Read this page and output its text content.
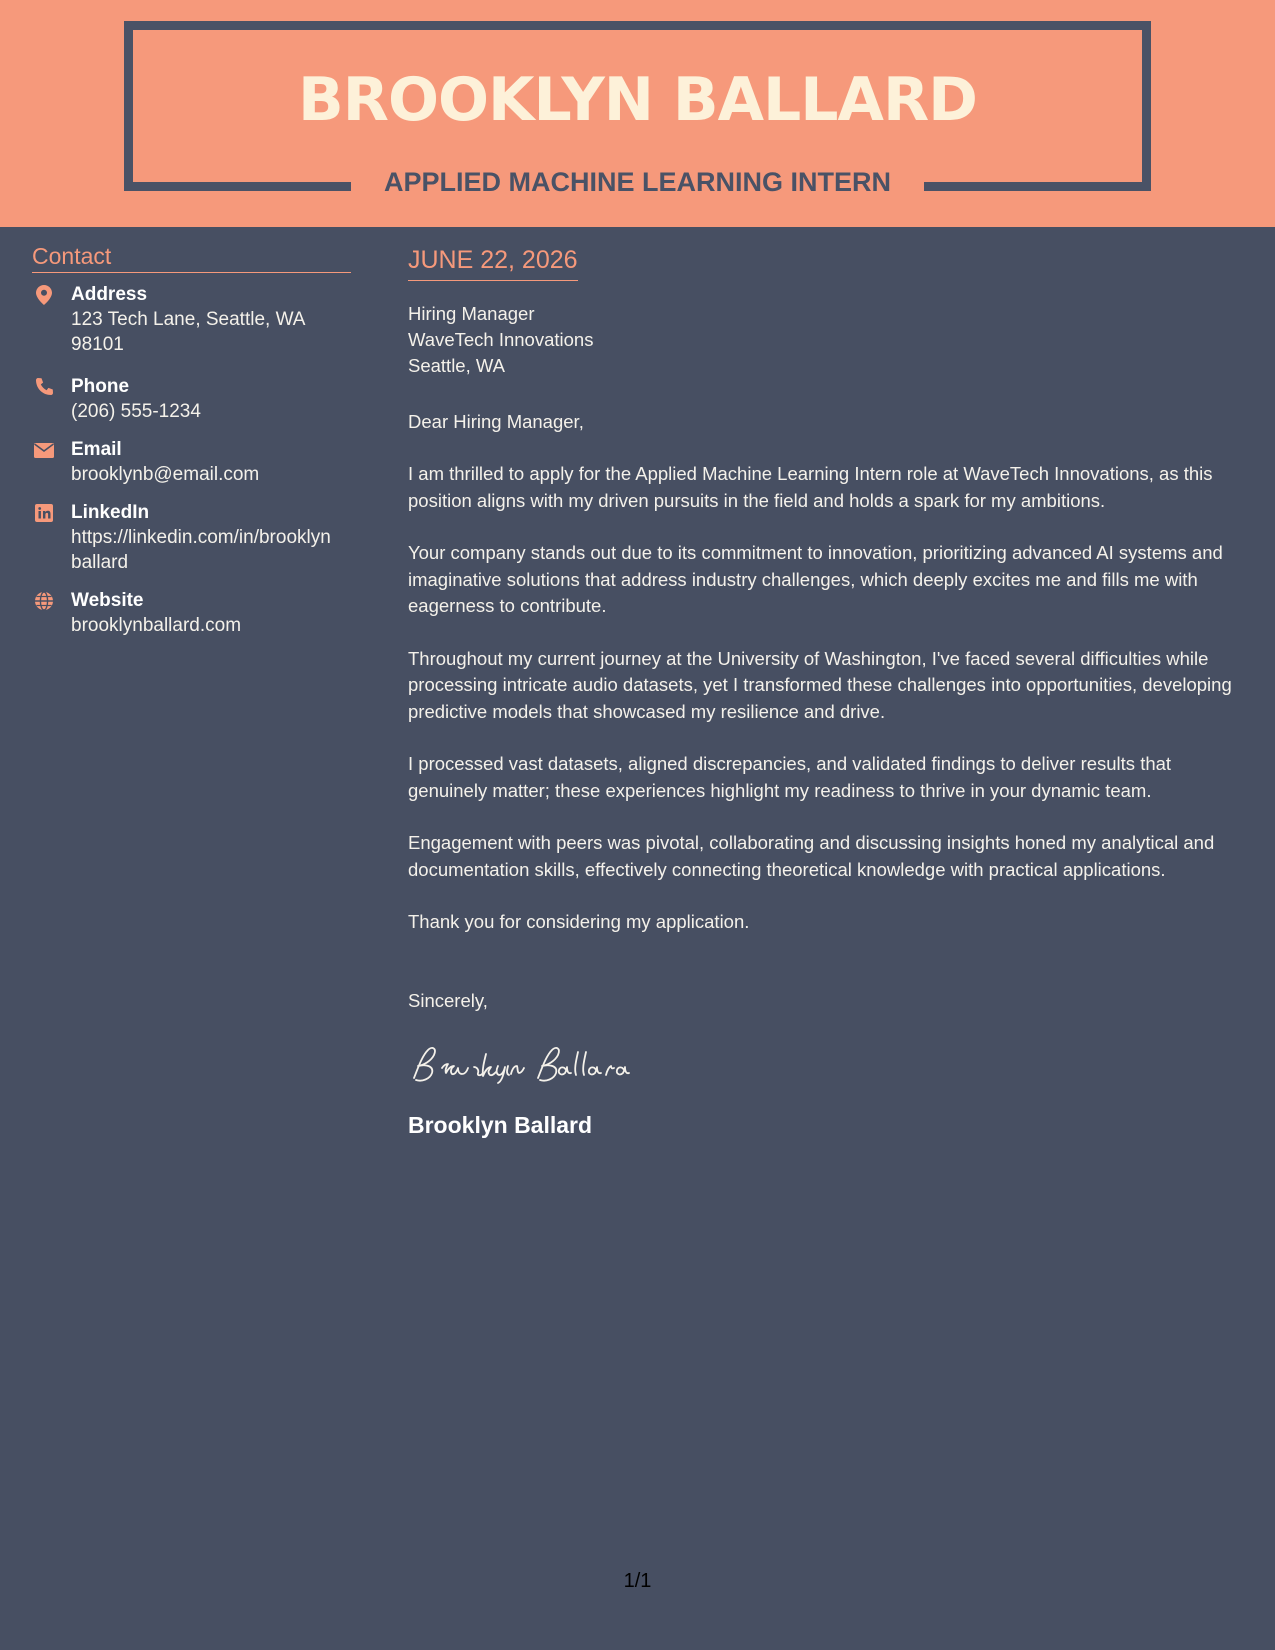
BROOKLYN BALLARD
APPLIED MACHINE LEARNING INTERN
Contact
Address
123 Tech Lane, Seattle, WA 98101
Phone
(206) 555-1234
Email
brooklynb@email.com
LinkedIn
https://linkedin.com/in/brooklyn ballard
Website
brooklynballard.com
JUNE 22, 2026
Hiring Manager
WaveTech Innovations
Seattle, WA
Dear Hiring Manager,
I am thrilled to apply for the Applied Machine Learning Intern role at WaveTech Innovations, as this position aligns with my driven pursuits in the field and holds a spark for my ambitions.
Your company stands out due to its commitment to innovation, prioritizing advanced AI systems and imaginative solutions that address industry challenges, which deeply excites me and fills me with eagerness to contribute.
Throughout my current journey at the University of Washington, I've faced several difficulties while processing intricate audio datasets, yet I transformed these challenges into opportunities, developing predictive models that showcased my resilience and drive.
I processed vast datasets, aligned discrepancies, and validated findings to deliver results that genuinely matter; these experiences highlight my readiness to thrive in your dynamic team.
Engagement with peers was pivotal, collaborating and discussing insights honed my analytical and documentation skills, effectively connecting theoretical knowledge with practical applications.
Thank you for considering my application.
Sincerely,
Brooklyn Ballard
1/1
